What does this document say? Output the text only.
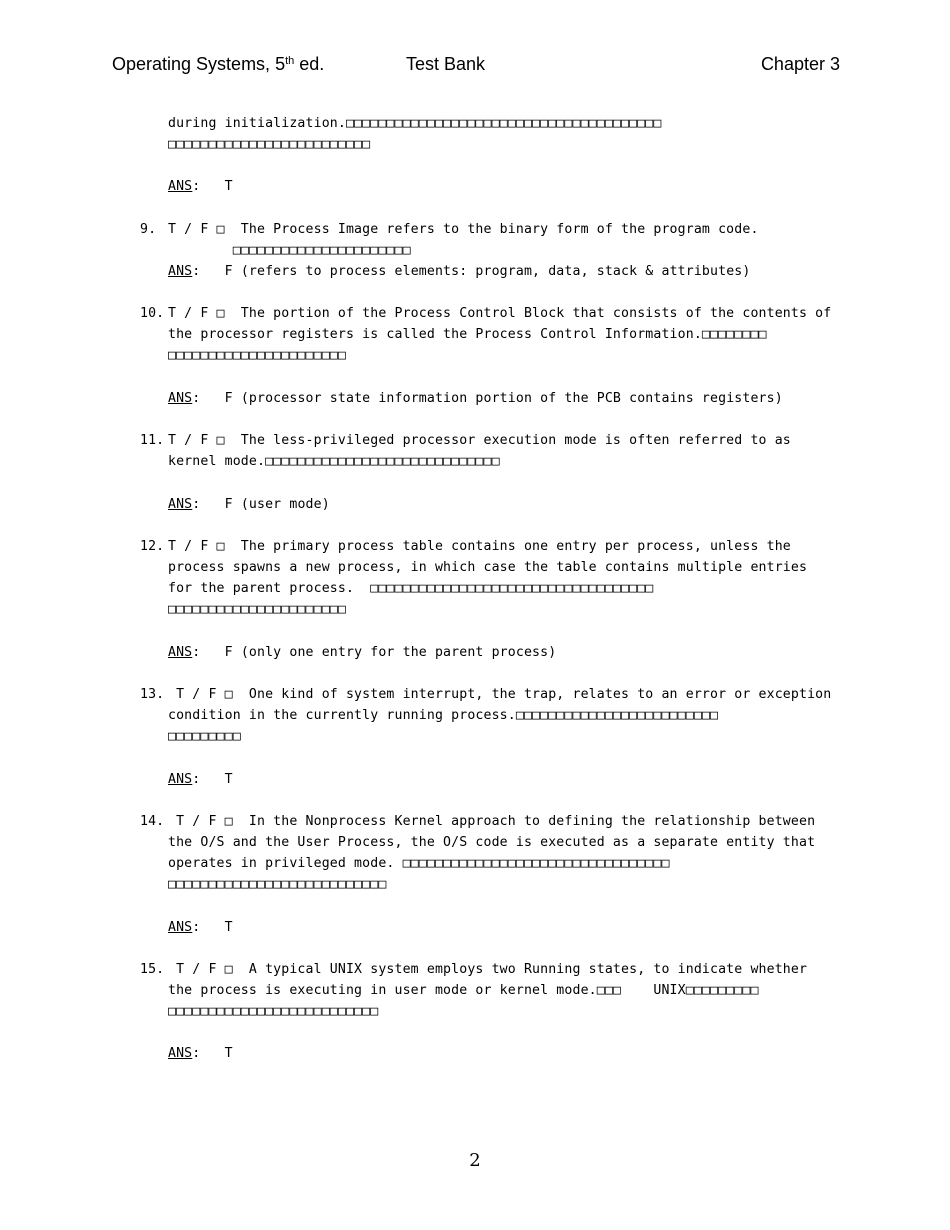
Operating Systems, 5th ed.	Test Bank	Chapter 3
during initialization.□□□□□□□□□□□□□□□□□□□□□□□□□□□□□□□□□□□□□□□
□□□□□□□□□□□□□□□□□□□□□□□□□
ANS:   T
9. T / F □  The Process Image refers to the binary form of the program code.
□□□□□□□□□□□□□□□□□□□□□□
ANS:   F (refers to process elements: program, data, stack & attributes)
10. T / F □  The portion of the Process Control Block that consists of the contents of
the processor registers is called the Process Control Information.□□□□□□□□
□□□□□□□□□□□□□□□□□□□□□□
ANS:   F (processor state information portion of the PCB contains registers)
11. T / F □  The less-privileged processor execution mode is often referred to as
kernel mode.□□□□□□□□□□□□□□□□□□□□□□□□□□□□□
ANS:   F (user mode)
12. T / F □  The primary process table contains one entry per process, unless the
process spawns a new process, in which case the table contains multiple entries
for the parent process.  □□□□□□□□□□□□□□□□□□□□□□□□□□□□□□□□□□□
□□□□□□□□□□□□□□□□□□□□□□
ANS:   F (only one entry for the parent process)
13. T / F □  One kind of system interrupt, the trap, relates to an error or exception
condition in the currently running process.□□□□□□□□□□□□□□□□□□□□□□□□□
□□□□□□□□□
ANS:   T
14. T / F □  In the Nonprocess Kernel approach to defining the relationship between
the O/S and the User Process, the O/S code is executed as a separate entity that
operates in privileged mode. □□□□□□□□□□□□□□□□□□□□□□□□□□□□□□□□□
□□□□□□□□□□□□□□□□□□□□□□□□□□□
ANS:   T
15. T / F □  A typical UNIX system employs two Running states, to indicate whether
the process is executing in user mode or kernel mode.□□□    UNIX□□□□□□□□□
□□□□□□□□□□□□□□□□□□□□□□□□□□
ANS:   T
2
